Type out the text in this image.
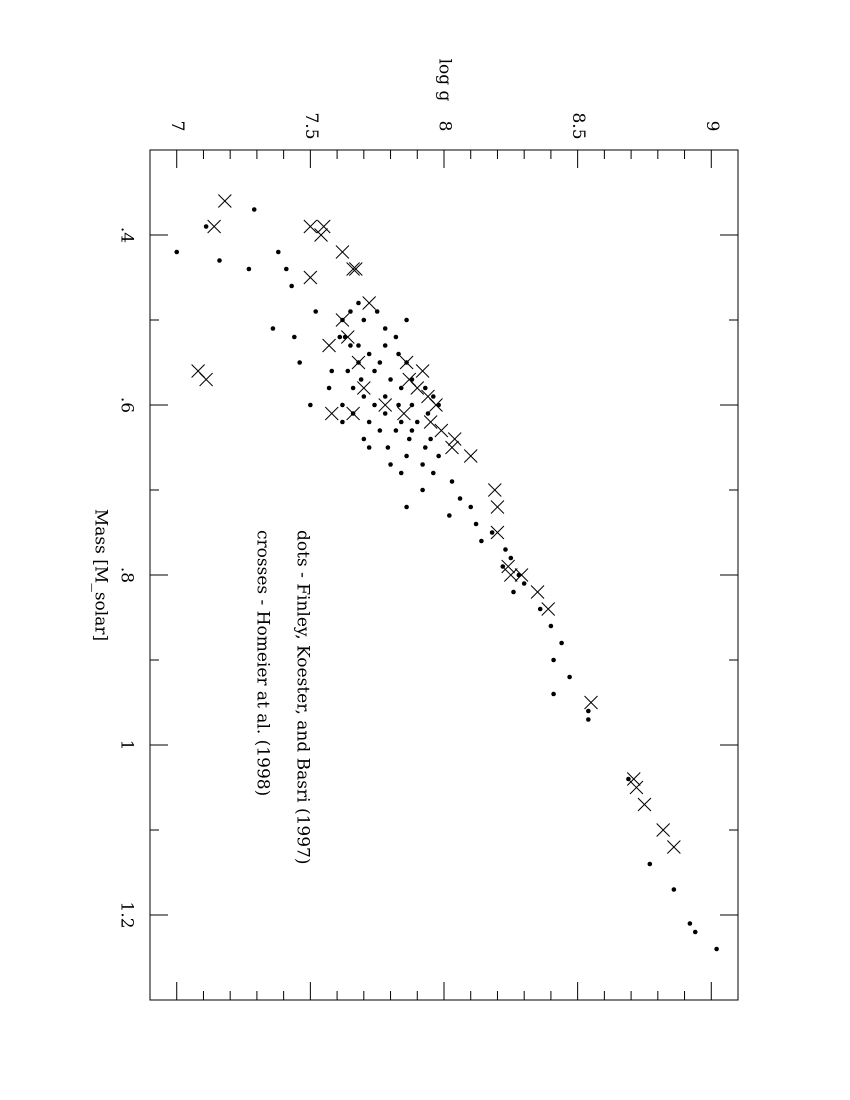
.4
.6
.8
1
1.2
7	7.5	8	8.5	9
log g
Mass [M_solar]	dots - Finley, Koester, and Basri (1997)
crosses - Homeier at al. (1998)
